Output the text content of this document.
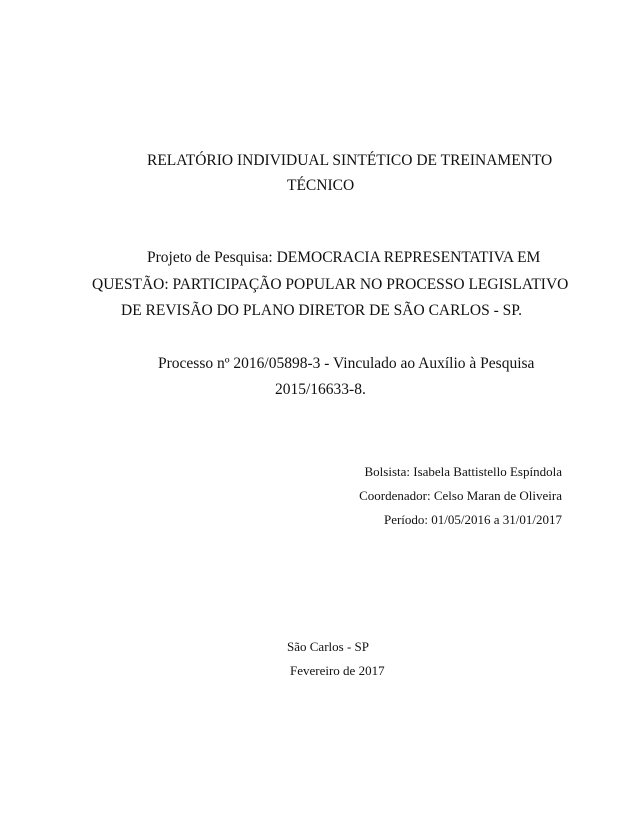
RELATÓRIO INDIVIDUAL SINTÉTICO DE TREINAMENTO
TÉCNICO
Projeto de Pesquisa: DEMOCRACIA REPRESENTATIVA EM
QUESTÃO: PARTICIPAÇÃO POPULAR NO PROCESSO LEGISLATIVO
DE REVISÃO DO PLANO DIRETOR DE SÃO CARLOS - SP.
Processo nº 2016/05898-3 - Vinculado ao Auxílio à Pesquisa
2015/16633-8.
Bolsista: Isabela Battistello Espíndola
Coordenador: Celso Maran de Oliveira
Período: 01/05/2016 a 31/01/2017
São Carlos - SP
Fevereiro de 2017
